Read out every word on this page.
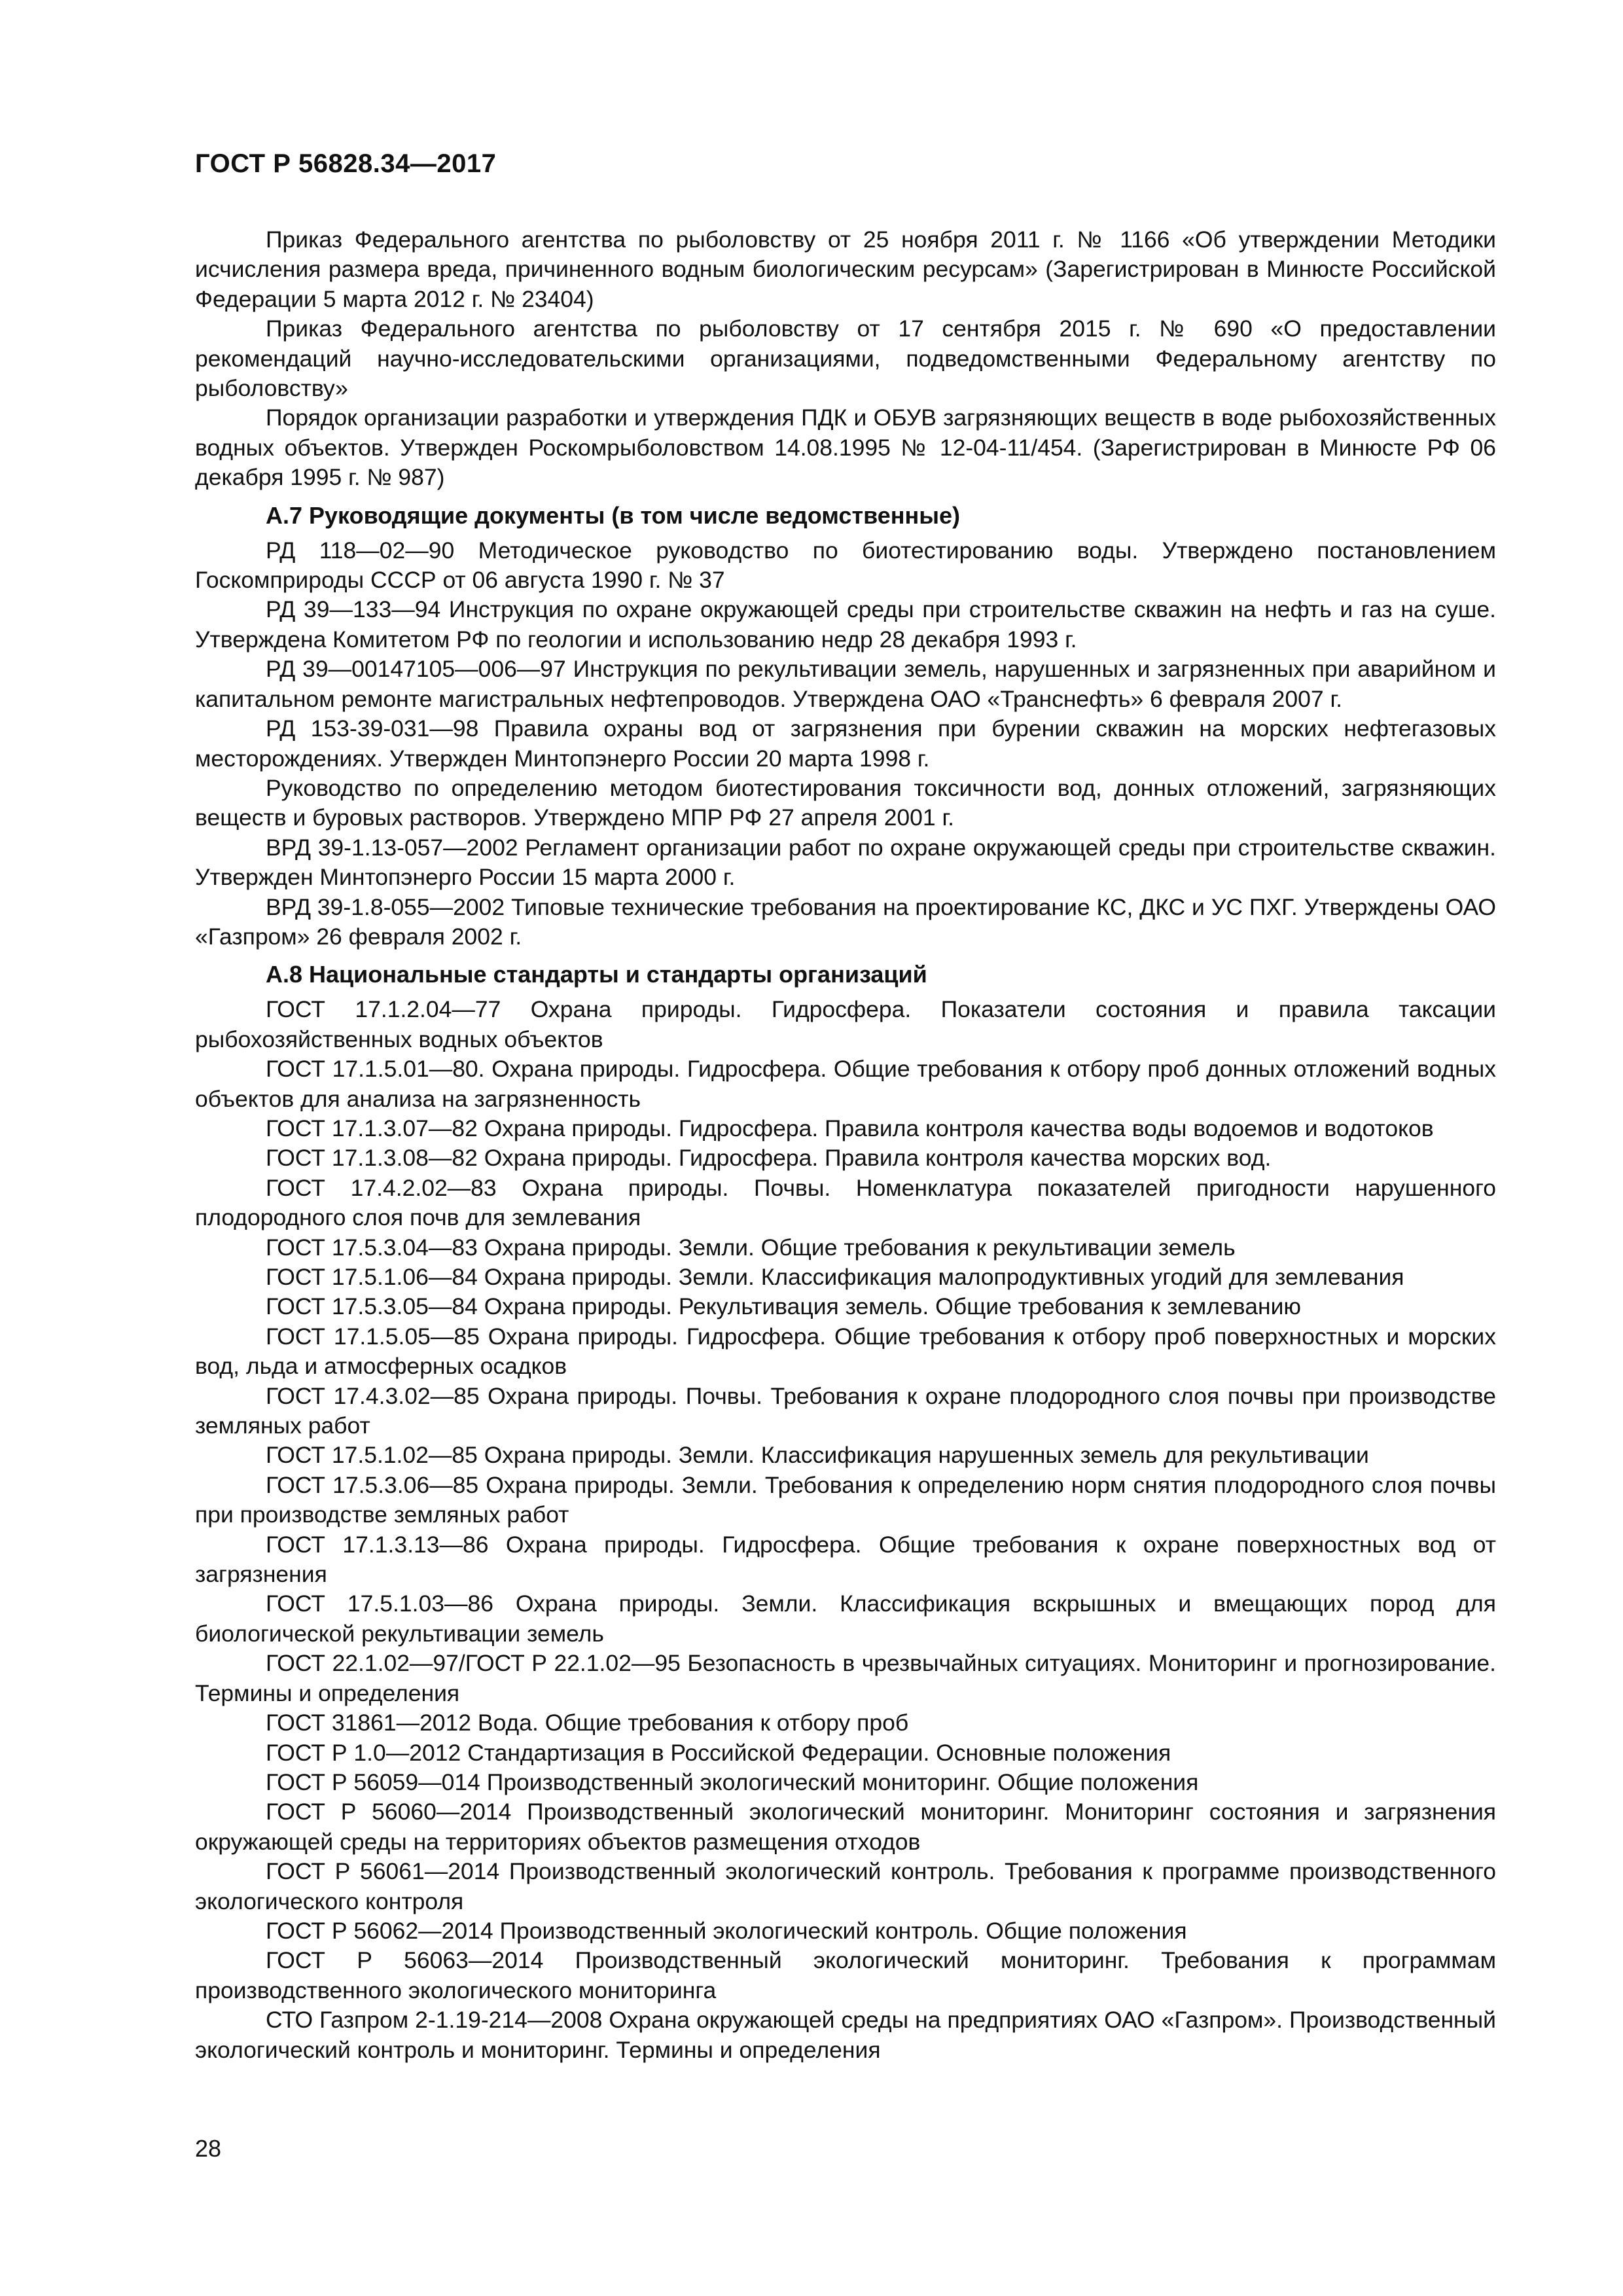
ГОСТ Р 56828.34—2017

Приказ Федерального агентства по рыболовству от 25 ноября 2011 г. № 1166 «Об утверждении Методики исчисления размера вреда, причиненного водным биологическим ресурсам» (Зарегистрирован в Минюсте Российской Федерации 5 марта 2012 г. № 23404)

Приказ Федерального агентства по рыболовству от 17 сентября 2015 г. № 690 «О предоставлении рекомендаций научно-исследовательскими организациями, подведомственными Федеральному агентству по рыболовству»

Порядок организации разработки и утверждения ПДК и ОБУВ загрязняющих веществ в воде рыбохозяйственных водных объектов. Утвержден Роскомрыболовством 14.08.1995 № 12-04-11/454. (Зарегистрирован в Минюсте РФ 06 декабря 1995 г. № 987)

А.7 Руководящие документы (в том числе ведомственные)

РД 118—02—90 Методическое руководство по биотестированию воды. Утверждено постановлением Госкомприроды СССР от 06 августа 1990 г. № 37

РД 39—133—94 Инструкция по охране окружающей среды при строительстве скважин на нефть и газ на суше. Утверждена Комитетом РФ по геологии и использованию недр 28 декабря 1993 г.

РД 39—00147105—006—97 Инструкция по рекультивации земель, нарушенных и загрязненных при аварийном и капитальном ремонте магистральных нефтепроводов. Утверждена ОАО «Транснефть» 6 февраля 2007 г.

РД 153-39-031—98 Правила охраны вод от загрязнения при бурении скважин на морских нефтегазовых месторождениях. Утвержден Минтопэнерго России 20 марта 1998 г.

Руководство по определению методом биотестирования токсичности вод, донных отложений, загрязняющих веществ и буровых растворов. Утверждено МПР РФ 27 апреля 2001 г.

ВРД 39-1.13-057—2002 Регламент организации работ по охране окружающей среды при строительстве скважин. Утвержден Минтопэнерго России 15 марта 2000 г.

ВРД 39-1.8-055—2002 Типовые технические требования на проектирование КС, ДКС и УС ПХГ. Утверждены ОАО «Газпром» 26 февраля 2002 г.

А.8 Национальные стандарты и стандарты организаций

ГОСТ 17.1.2.04—77 Охрана природы. Гидросфера. Показатели состояния и правила таксации рыбохозяйственных водных объектов

ГОСТ 17.1.5.01—80. Охрана природы. Гидросфера. Общие требования к отбору проб донных отложений водных объектов для анализа на загрязненность

ГОСТ 17.1.3.07—82 Охрана природы. Гидросфера. Правила контроля качества воды водоемов и водотоков

ГОСТ 17.1.3.08—82 Охрана природы. Гидросфера. Правила контроля качества морских вод.

ГОСТ 17.4.2.02—83 Охрана природы. Почвы. Номенклатура показателей пригодности нарушенного плодородного слоя почв для землевания

ГОСТ 17.5.3.04—83 Охрана природы. Земли. Общие требования к рекультивации земель

ГОСТ 17.5.1.06—84 Охрана природы. Земли. Классификация малопродуктивных угодий для землевания

ГОСТ 17.5.3.05—84 Охрана природы. Рекультивация земель. Общие требования к землеванию

ГОСТ 17.1.5.05—85 Охрана природы. Гидросфера. Общие требования к отбору проб поверхностных и морских вод, льда и атмосферных осадков

ГОСТ 17.4.3.02—85 Охрана природы. Почвы. Требования к охране плодородного слоя почвы при производстве земляных работ

ГОСТ 17.5.1.02—85 Охрана природы. Земли. Классификация нарушенных земель для рекультивации

ГОСТ 17.5.3.06—85 Охрана природы. Земли. Требования к определению норм снятия плодородного слоя почвы при производстве земляных работ

ГОСТ 17.1.3.13—86 Охрана природы. Гидросфера. Общие требования к охране поверхностных вод от загрязнения

ГОСТ 17.5.1.03—86 Охрана природы. Земли. Классификация вскрышных и вмещающих пород для биологической рекультивации земель

ГОСТ 22.1.02—97/ГОСТ Р 22.1.02—95 Безопасность в чрезвычайных ситуациях. Мониторинг и прогнозирование. Термины и определения

ГОСТ 31861—2012 Вода. Общие требования к отбору проб

ГОСТ Р 1.0—2012 Стандартизация в Российской Федерации. Основные положения

ГОСТ Р 56059—014 Производственный экологический мониторинг. Общие положения

ГОСТ Р 56060—2014 Производственный экологический мониторинг. Мониторинг состояния и загрязнения окружающей среды на территориях объектов размещения отходов

ГОСТ Р 56061—2014 Производственный экологический контроль. Требования к программе производственного экологического контроля

ГОСТ Р 56062—2014 Производственный экологический контроль. Общие положения

ГОСТ Р 56063—2014 Производственный экологический мониторинг. Требования к программам производственного экологического мониторинга

СТО Газпром 2-1.19-214—2008 Охрана окружающей среды на предприятиях ОАО «Газпром». Производственный экологический контроль и мониторинг. Термины и определения

28
